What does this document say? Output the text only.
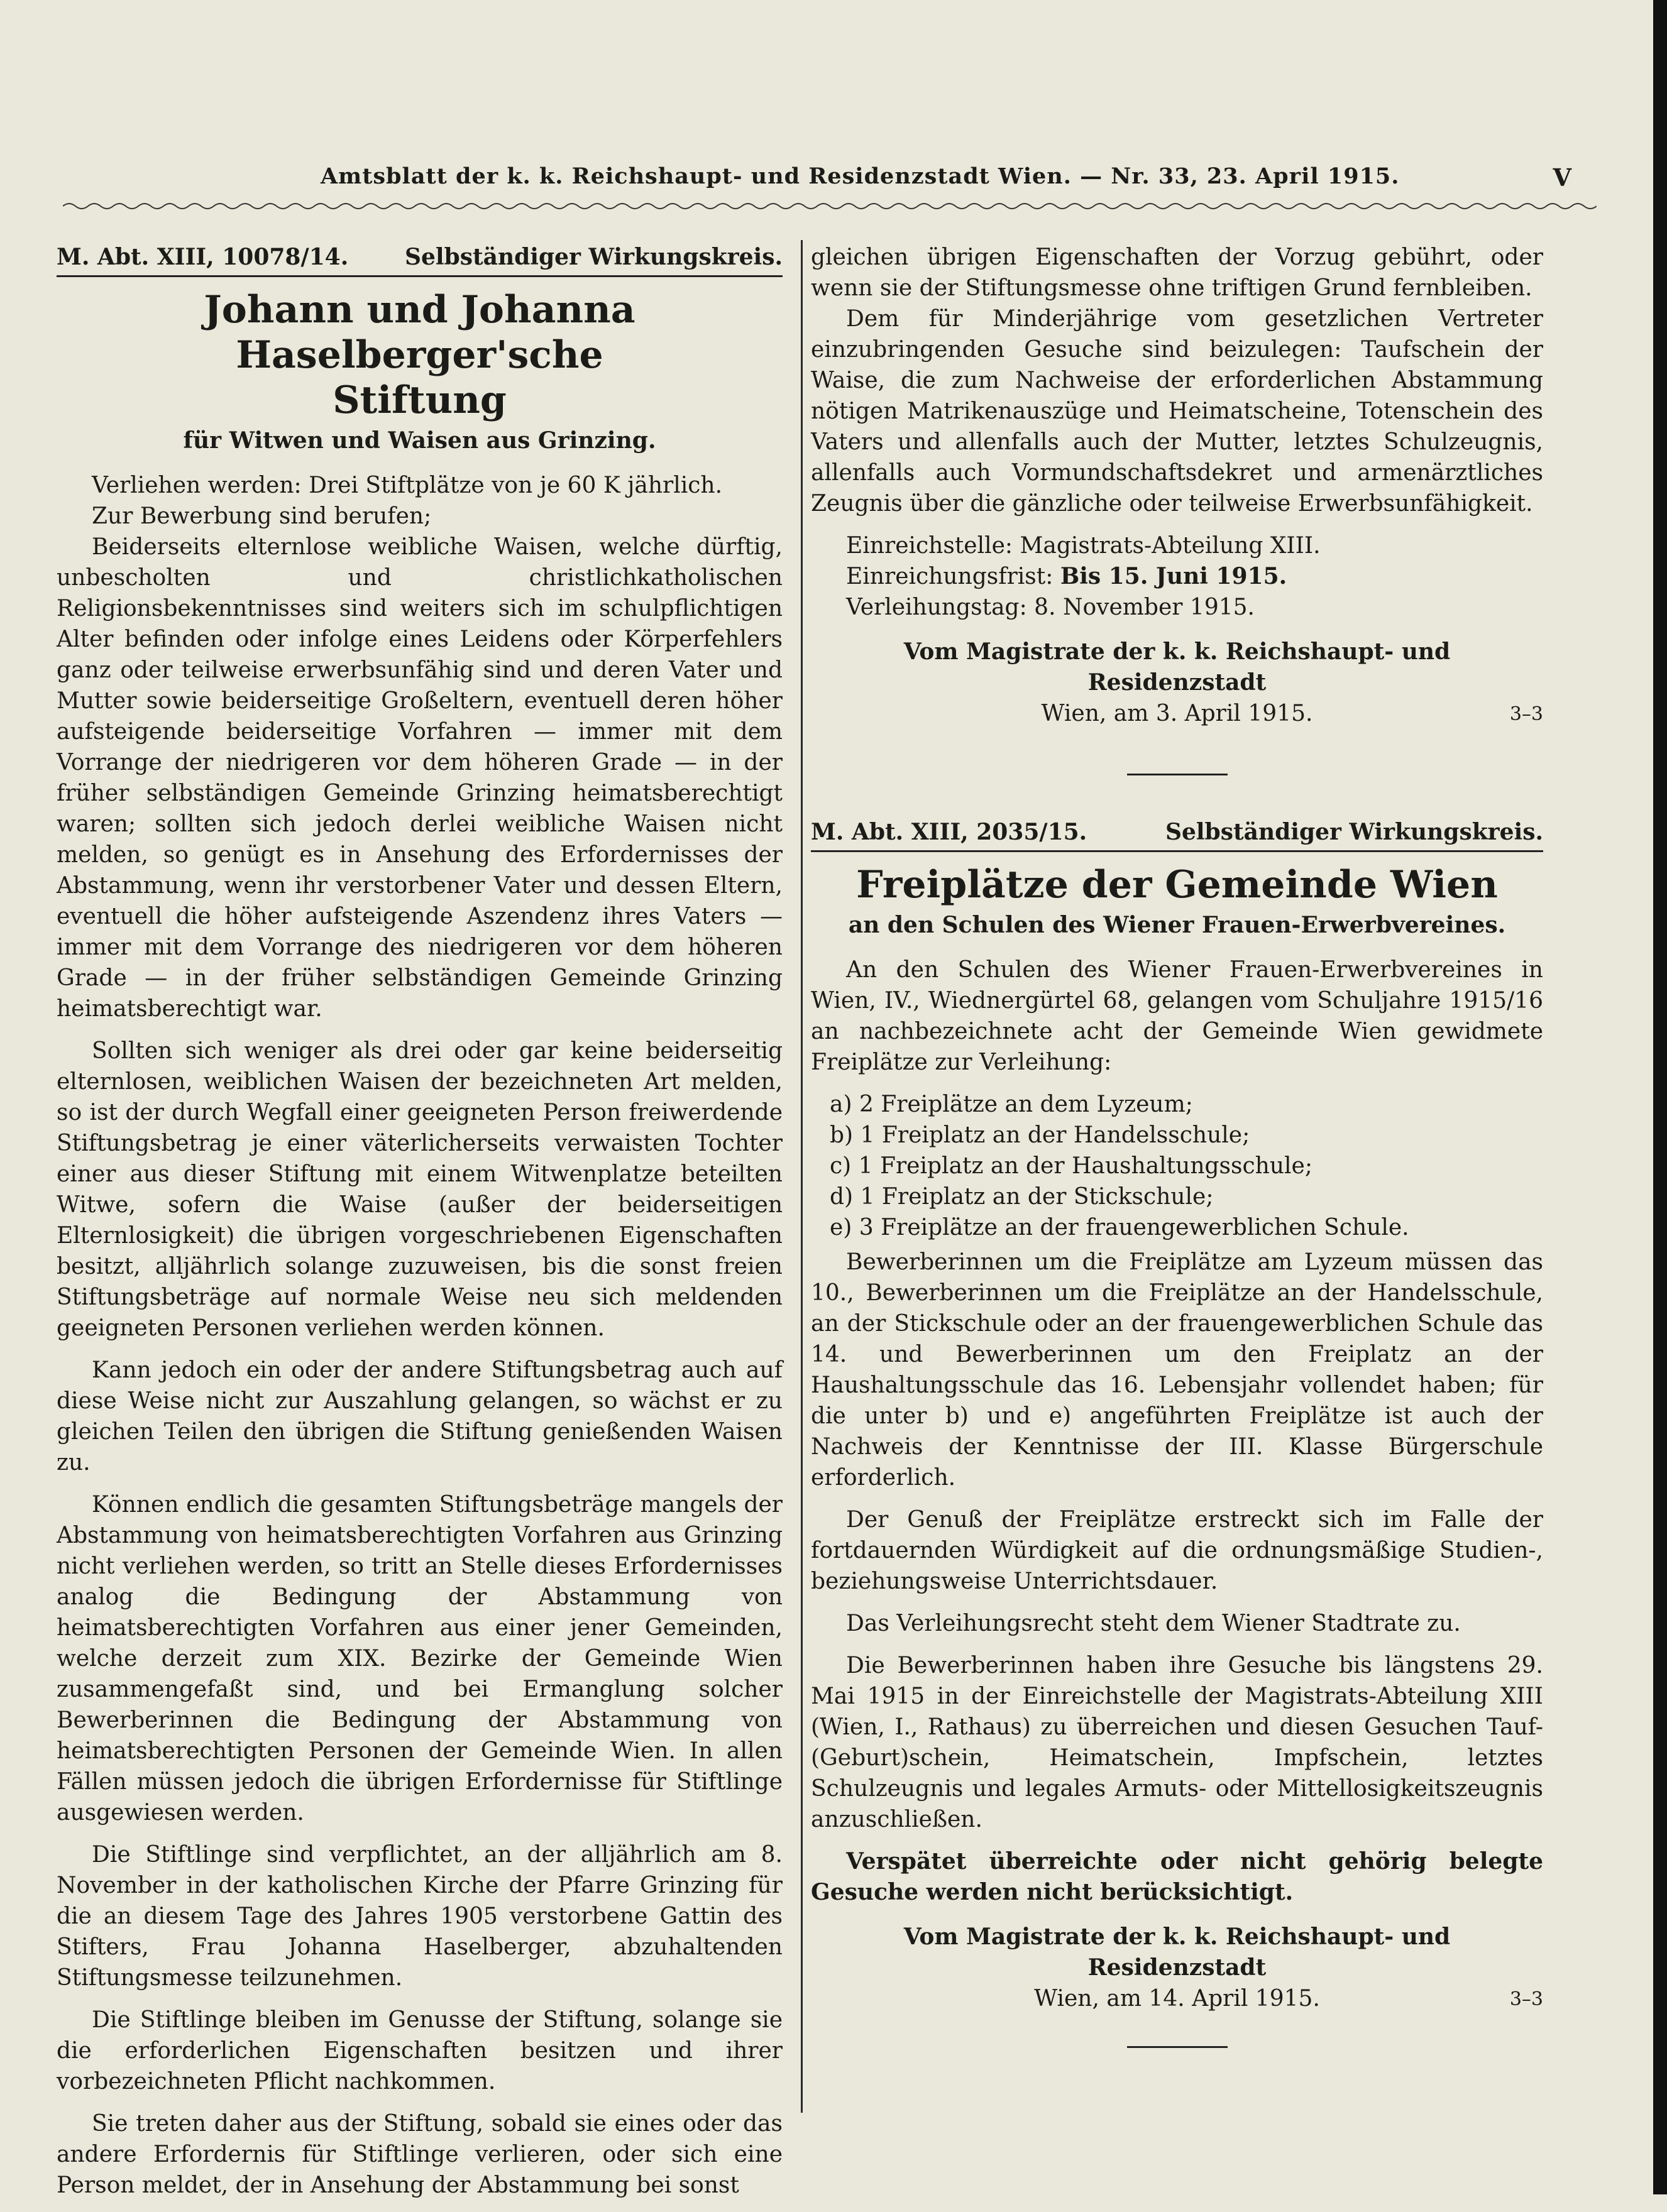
Amtsblatt der k. k. Reichshaupt- und Residenzstadt Wien. — Nr. 33, 23. April 1915.	V
M. Abt. XIII, 10078/14. Selbständiger Wirkungskreis.
Johann und Johanna Haselberger'sche
Stiftung
für Witwen und Waisen aus Grinzing.

Verliehen werden: Drei Stiftplätze von je 60 K jährlich.

Zur Bewerbung sind berufen;

Beiderseits elternlose weibliche Waisen, welche dürftig, unbescholten und christlichkatholischen Religionsbekenntnisses sind weiters sich im schulpflichtigen Alter befinden oder infolge eines Leidens oder Körperfehlers ganz oder teilweise erwerbsunfähig sind und deren Vater und Mutter sowie beiderseitige Großeltern, eventuell deren höher aufsteigende beiderseitige Vorfahren — immer mit dem Vorrange der niedrigeren vor dem höheren Grade — in der früher selbständigen Gemeinde Grinzing heimatsberechtigt waren; sollten sich jedoch derlei weibliche Waisen nicht melden, so genügt es in Ansehung des Erfordernisses der Abstammung, wenn ihr verstorbener Vater und dessen Eltern, eventuell die höher aufsteigende Aszendenz ihres Vaters — immer mit dem Vorrange des niedrigeren vor dem höheren Grade — in der früher selbständigen Gemeinde Grinzing heimatsberechtigt war.

Sollten sich weniger als drei oder gar keine beiderseitig elternlosen, weiblichen Waisen der bezeichneten Art melden, so ist der durch Wegfall einer geeigneten Person freiwerdende Stiftungsbetrag je einer väterlicherseits verwaisten Tochter einer aus dieser Stiftung mit einem Witwenplatze beteilten Witwe, sofern die Waise (außer der beiderseitigen Elternlosigkeit) die übrigen vorgeschriebenen Eigenschaften besitzt, alljährlich solange zuzuweisen, bis die sonst freien Stiftungsbeträge auf normale Weise neu sich meldenden geeigneten Personen verliehen werden können.

Kann jedoch ein oder der andere Stiftungsbetrag auch auf diese Weise nicht zur Auszahlung gelangen, so wächst er zu gleichen Teilen den übrigen die Stiftung genießenden Waisen zu.

Können endlich die gesamten Stiftungsbeträge mangels der Abstammung von heimatsberechtigten Vorfahren aus Grinzing nicht verliehen werden, so tritt an Stelle dieses Erfordernisses analog die Bedingung der Abstammung von heimatsberechtigten Vorfahren aus einer jener Gemeinden, welche derzeit zum XIX. Bezirke der Gemeinde Wien zusammengefaßt sind, und bei Ermanglung solcher Bewerberinnen die Bedingung der Abstammung von heimatsberechtigten Personen der Gemeinde Wien. In allen Fällen müssen jedoch die übrigen Erfordernisse für Stiftlinge ausgewiesen werden.

Die Stiftlinge sind verpflichtet, an der alljährlich am 8. November in der katholischen Kirche der Pfarre Grinzing für die an diesem Tage des Jahres 1905 verstorbene Gattin des Stifters, Frau Johanna Haselberger, abzuhaltenden Stiftungsmesse teilzunehmen.

Die Stiftlinge bleiben im Genusse der Stiftung, solange sie die erforderlichen Eigenschaften besitzen und ihrer vorbezeichneten Pflicht nachkommen.

Sie treten daher aus der Stiftung, sobald sie eines oder das andere Erfordernis für Stiftlinge verlieren, oder sich eine Person meldet, der in Ansehung der Abstammung bei sonst

gleichen übrigen Eigenschaften der Vorzug gebührt, oder wenn sie der Stiftungsmesse ohne triftigen Grund fernbleiben.

Dem für Minderjährige vom gesetzlichen Vertreter einzubringenden Gesuche sind beizulegen: Taufschein der Waise, die zum Nachweise der erforderlichen Abstammung nötigen Matrikenauszüge und Heimatscheine, Totenschein des Vaters und allenfalls auch der Mutter, letztes Schulzeugnis, allenfalls auch Vormundschaftsdekret und armenärztliches Zeugnis über die gänzliche oder teilweise Erwerbsunfähigkeit.

Einreichstelle: Magistrats-Abteilung XIII.

Einreichungsfrist: Bis 15. Juni 1915.

Verleihungstag: 8. November 1915.

Vom Magistrate der k. k. Reichshaupt- und Residenzstadt
Wien, am 3. April 1915.	3–3
M. Abt. XIII, 2035/15.	Selbständiger Wirkungskreis.
Freiplätze der Gemeinde Wien
an den Schulen des Wiener Frauen-Erwerbvereines.

An den Schulen des Wiener Frauen-Erwerbvereines in Wien, IV., Wiednergürtel 68, gelangen vom Schuljahre 1915/16 an nachbezeichnete acht der Gemeinde Wien gewidmete Freiplätze zur Verleihung:

a) 2 Freiplätze an dem Lyzeum;

b) 1 Freiplatz an der Handelsschule;

c) 1 Freiplatz an der Haushaltungsschule;

d) 1 Freiplatz an der Stickschule;

e) 3 Freiplätze an der frauengewerblichen Schule.

Bewerberinnen um die Freiplätze am Lyzeum müssen das 10., Bewerberinnen um die Freiplätze an der Handelsschule, an der Stickschule oder an der frauengewerblichen Schule das 14. und Bewerberinnen um den Freiplatz an der Haushaltungsschule das 16. Lebensjahr vollendet haben; für die unter b) und e) angeführten Freiplätze ist auch der Nachweis der Kenntnisse der III. Klasse Bürgerschule erforderlich.

Der Genuß der Freiplätze erstreckt sich im Falle der fortdauernden Würdigkeit auf die ordnungsmäßige Studien-, beziehungsweise Unterrichtsdauer.

Das Verleihungsrecht steht dem Wiener Stadtrate zu.

Die Bewerberinnen haben ihre Gesuche bis längstens 29. Mai 1915 in der Einreichstelle der Magistrats-Abteilung XIII (Wien, I., Rathaus) zu überreichen und diesen Gesuchen Tauf- (Geburt)schein, Heimatschein, Impfschein, letztes Schulzeugnis und legales Armuts- oder Mittellosigkeitszeugnis anzuschließen.

Verspätet überreichte oder nicht gehörig belegte Gesuche werden nicht berücksichtigt.

Vom Magistrate der k. k. Reichshaupt- und Residenzstadt
Wien, am 14. April 1915.	3–3
